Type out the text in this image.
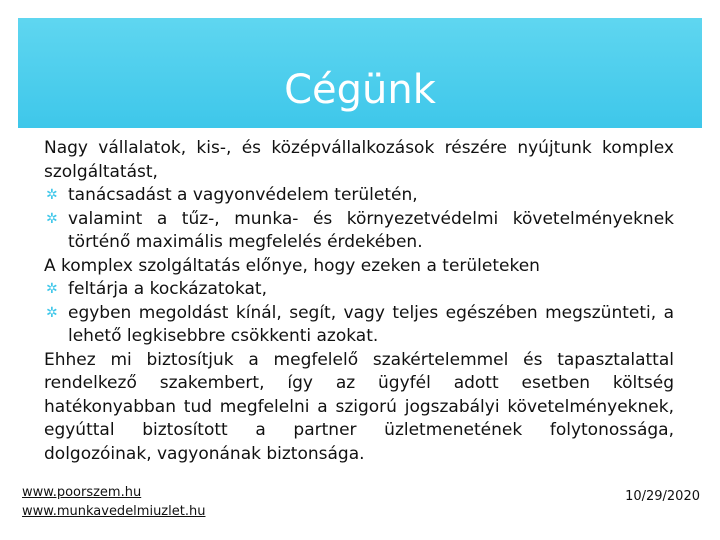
Cégünk
Nagy vállalatok, kis-, és középvállalkozások részére nyújtunk komplex szolgáltatást,
✲ tanácsadást a vagyonvédelem területén,
✲ valamint a tűz-, munka- és környezetvédelmi követelményeknek történő maximális megfelelés érdekében.
A komplex szolgáltatás előnye, hogy ezeken a területeken
✲ feltárja a kockázatokat,
✲ egyben megoldást kínál, segít, vagy teljes egészében megszünteti, a lehető legkisebbre csökkenti azokat.
Ehhez mi biztosítjuk a megfelelő szakértelemmel és tapasztalattal rendelkező szakembert, így az ügyfél adott esetben költség hatékonyabban tud megfelelni a szigorú jogszabályi követelményeknek, egyúttal biztosított a partner üzletmenetének folytonossága, dolgozóinak, vagyonának biztonsága.
www.poorszem.hu
www.munkavedelmiuzlet.hu
10/29/2020
